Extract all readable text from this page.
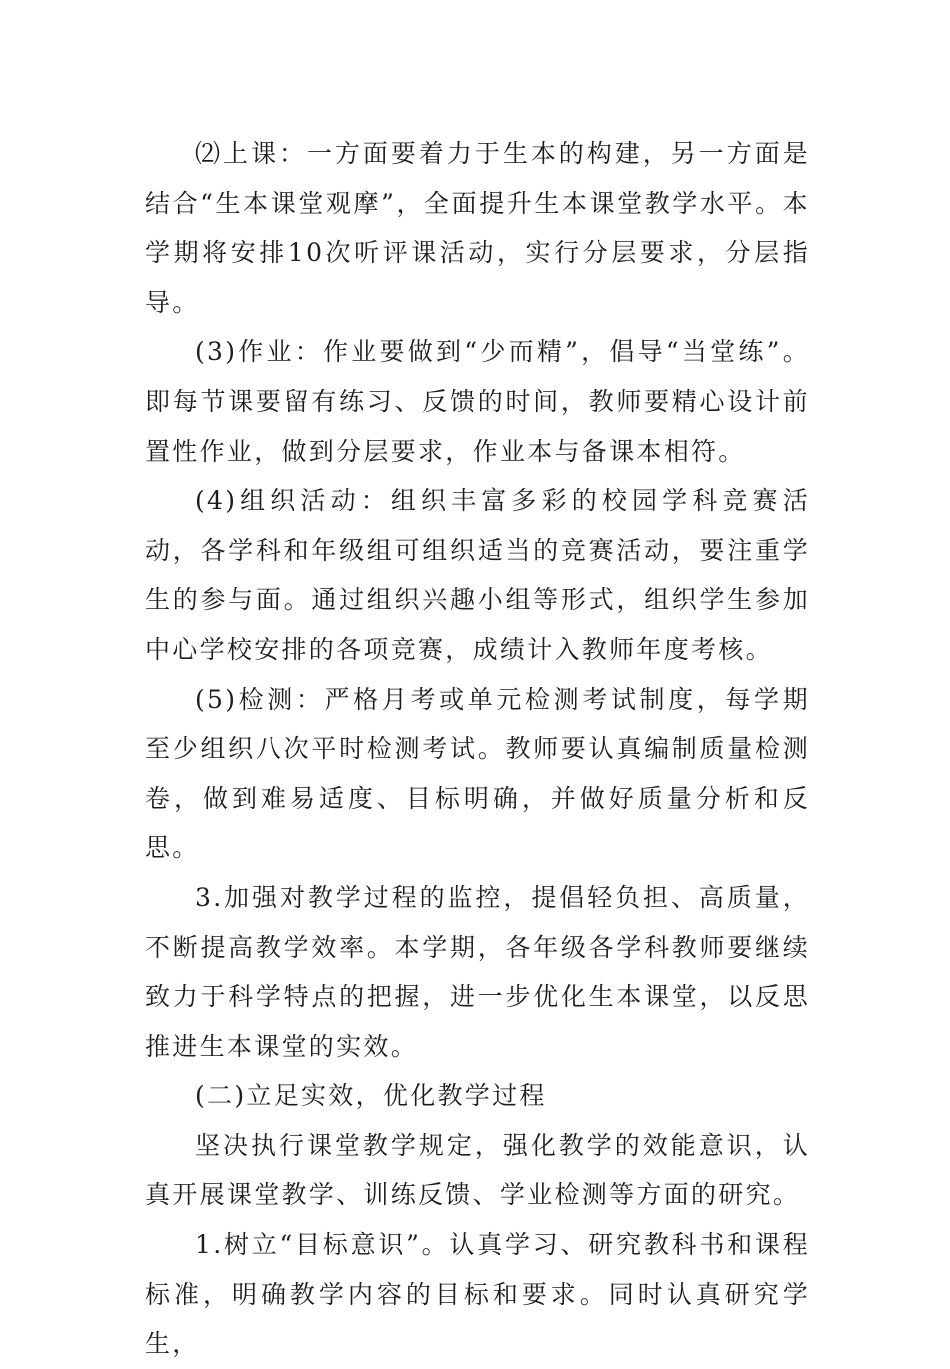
⑵上课：一方面要着力于生本的构建，另一方面是结合“生本课堂观摩”，全面提升生本课堂教学水平。本学期将安排10次听评课活动，实行分层要求，分层指导。

(3)作业：作业要做到“少而精”，倡导“当堂练”。即每节课要留有练习、反馈的时间，教师要精心设计前置性作业，做到分层要求，作业本与备课本相符。

(4)组织活动：组织丰富多彩的校园学科竞赛活动，各学科和年级组可组织适当的竞赛活动，要注重学生的参与面。通过组织兴趣小组等形式，组织学生参加中心学校安排的各项竞赛，成绩计入教师年度考核。

(5)检测：严格月考或单元检测考试制度，每学期至少组织八次平时检测考试。教师要认真编制质量检测卷，做到难易适度、目标明确，并做好质量分析和反思。

3.加强对教学过程的监控，提倡轻负担、高质量，不断提高教学效率。本学期，各年级各学科教师要继续致力于科学特点的把握，进一步优化生本课堂，以反思推进生本课堂的实效。

(二)立足实效，优化教学过程

坚决执行课堂教学规定，强化教学的效能意识，认真开展课堂教学、训练反馈、学业检测等方面的研究。

1.树立“目标意识”。认真学习、研究教科书和课程标准，明确教学内容的目标和要求。同时认真研究学生，
